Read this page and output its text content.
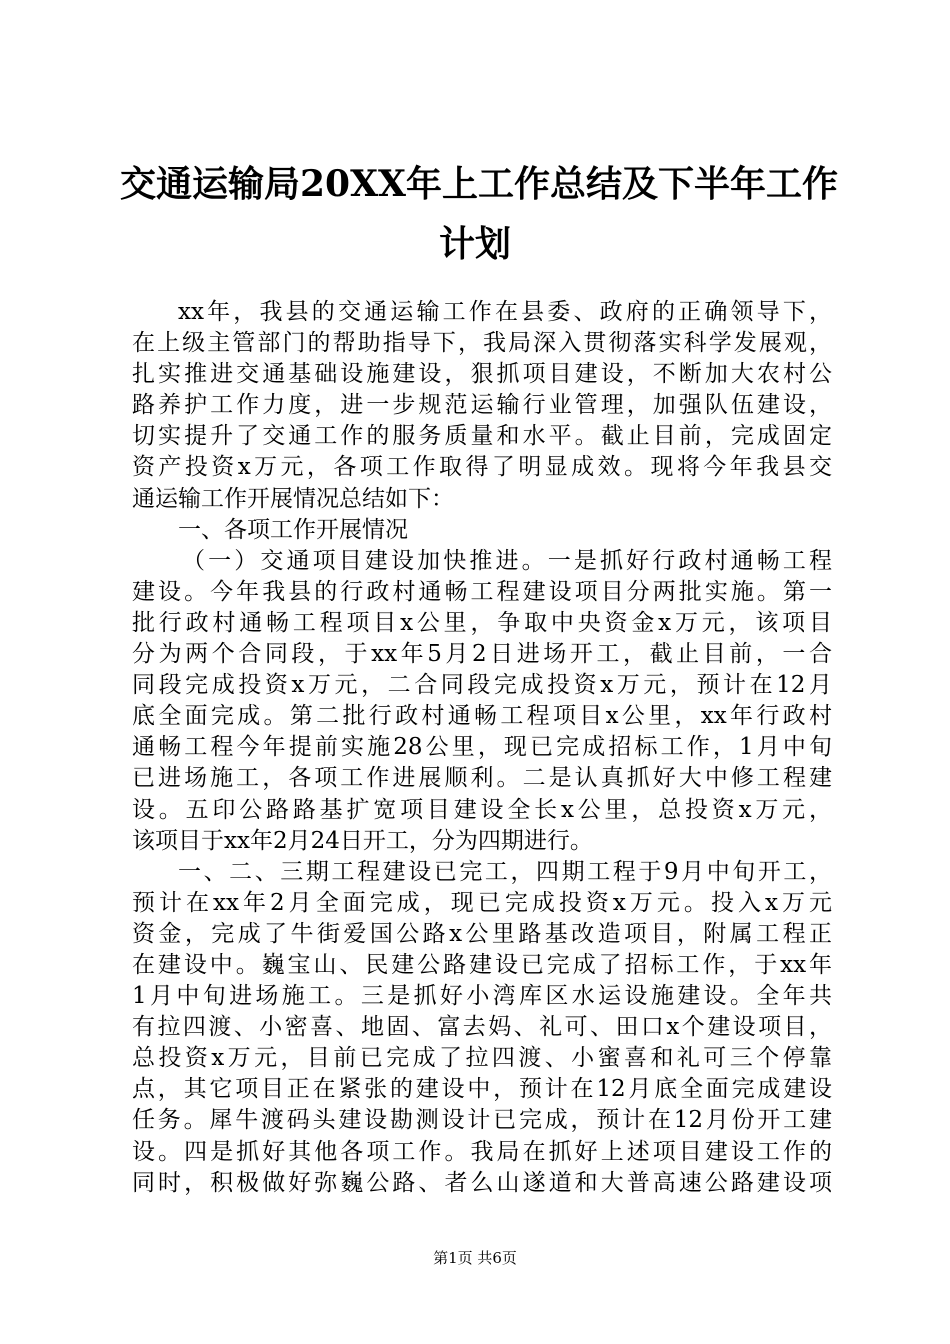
交通运输局20XX年上工作总结及下半年工作
计划
xx年，我县的交通运输工作在县委、政府的正确领导下，
在上级主管部门的帮助指导下，我局深入贯彻落实科学发展观，
扎实推进交通基础设施建设，狠抓项目建设，不断加大农村公
路养护工作力度，进一步规范运输行业管理，加强队伍建设，
切实提升了交通工作的服务质量和水平。截止目前，完成固定
资产投资x万元，各项工作取得了明显成效。现将今年我县交
通运输工作开展情况总结如下：
一、各项工作开展情况
（一）交通项目建设加快推进。一是抓好行政村通畅工程
建设。今年我县的行政村通畅工程建设项目分两批实施。第一
批行政村通畅工程项目x公里，争取中央资金x万元，该项目
分为两个合同段，于xx年5月2日进场开工，截止目前，一合
同段完成投资x万元，二合同段完成投资x万元，预计在12月
底全面完成。第二批行政村通畅工程项目x公里，xx年行政村
通畅工程今年提前实施28公里，现已完成招标工作，1月中旬
已进场施工，各项工作进展顺利。二是认真抓好大中修工程建
设。五印公路路基扩宽项目建设全长x公里，总投资x万元，
该项目于xx年2月24日开工，分为四期进行。
一、二、三期工程建设已完工，四期工程于9月中旬开工，
预计在xx年2月全面完成，现已完成投资x万元。投入x万元
资金，完成了牛街爱国公路x公里路基改造项目，附属工程正
在建设中。巍宝山、民建公路建设已完成了招标工作，于xx年
1月中旬进场施工。三是抓好小湾库区水运设施建设。全年共
有拉四渡、小密喜、地固、富去妈、礼可、田口x个建设项目，
总投资x万元，目前已完成了拉四渡、小蜜喜和礼可三个停靠
点，其它项目正在紧张的建设中，预计在12月底全面完成建设
任务。犀牛渡码头建设勘测设计已完成，预计在12月份开工建
设。四是抓好其他各项工作。我局在抓好上述项目建设工作的
同时，积极做好弥巍公路、者么山遂道和大普高速公路建设项
第1页 共6页
